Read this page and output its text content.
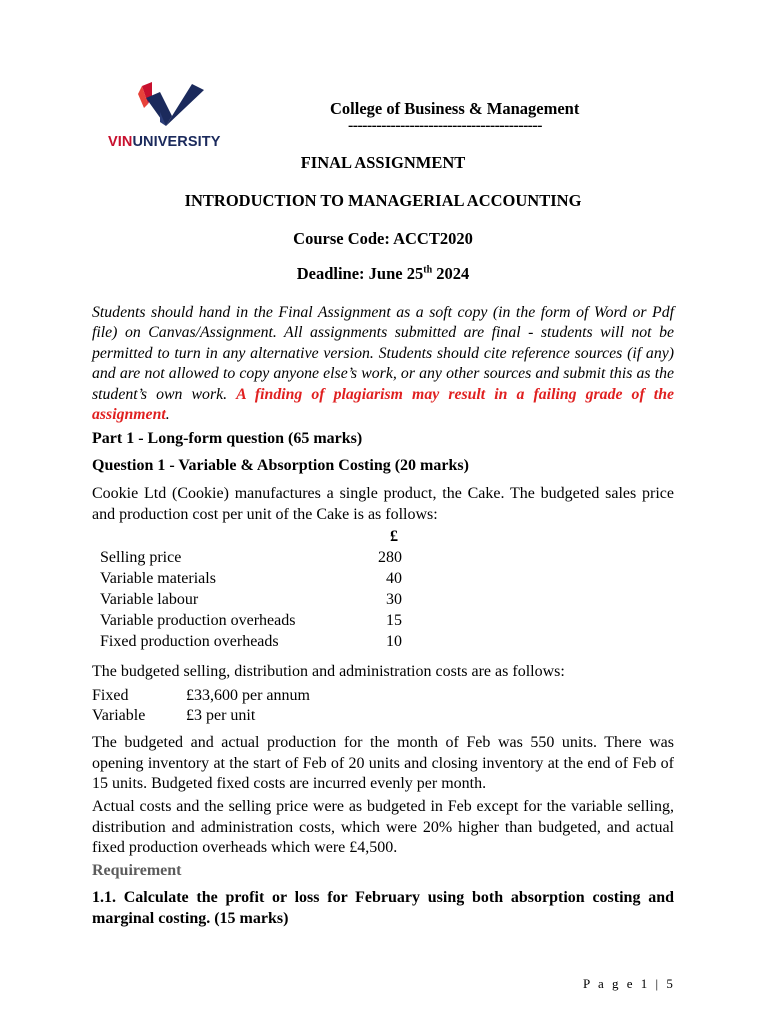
VINUNIVERSITY
College of Business & Management
-----------------------------------------
FINAL ASSIGNMENT
INTRODUCTION TO MANAGERIAL ACCOUNTING
Course Code: ACCT2020
Deadline: June 25th 2024
Students should hand in the Final Assignment as a soft copy (in the form of Word or Pdf file) on Canvas/Assignment. All assignments submitted are final - students will not be permitted to turn in any alternative version. Students should cite reference sources (if any) and are not allowed to copy anyone else’s work, or any other sources and submit this as the student’s own work. A finding of plagiarism may result in a failing grade of the assignment.
Part 1 - Long-form question (65 marks)
Question 1 - Variable & Absorption Costing (20 marks)
Cookie Ltd (Cookie) manufactures a single product, the Cake. The budgeted sales price and production cost per unit of the Cake is as follows:
£
Selling price	280
Variable materials	40
Variable labour	30
Variable production overheads	15
Fixed production overheads	10
The budgeted selling, distribution and administration costs are as follows:
Fixed	£33,600 per annum
Variable	£3 per unit
The budgeted and actual production for the month of Feb was 550 units. There was opening inventory at the start of Feb of 20 units and closing inventory at the end of Feb of 15 units. Budgeted fixed costs are incurred evenly per month.
Actual costs and the selling price were as budgeted in Feb except for the variable selling, distribution and administration costs, which were 20% higher than budgeted, and actual fixed production overheads which were £4,500.
Requirement
1.1. Calculate the profit or loss for February using both absorption costing and marginal costing. (15 marks)
P a g e 1 | 5
